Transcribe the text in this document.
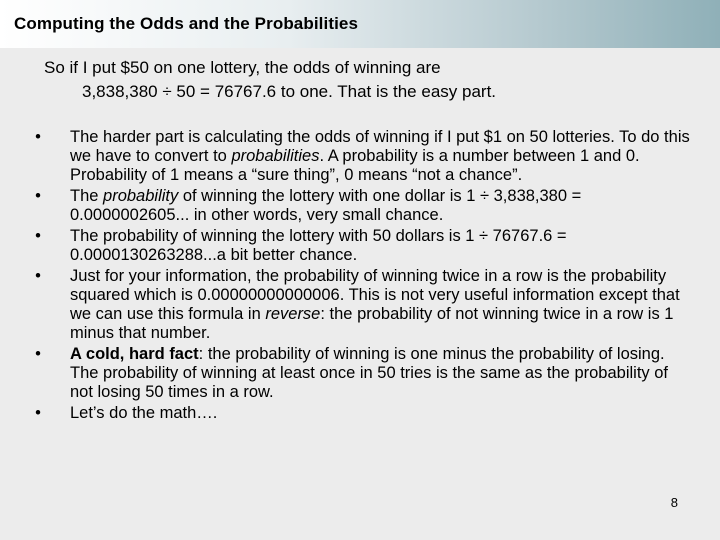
Computing the Odds and the Probabilities
So if I put $50 on one lottery, the odds of winning are
3,838,380 ÷ 50 = 76767.6 to one. That is the easy part.
•	The harder part is calculating the odds of winning if I put $1 on 50 lotteries. To do this we have to convert to probabilities. A probability is a number between 1 and 0. Probability of 1 means a “sure thing”, 0 means “not a chance”.
•	The probability of winning the lottery with one dollar is 1 ÷ 3,838,380 = 0.0000002605... in other words, very small chance.
•	The probability of winning the lottery with 50 dollars is 1 ÷ 76767.6 = 0.0000130263288...a bit better chance.
•	Just for your information, the probability of winning twice in a row is the probability squared which is 0.00000000000006. This is not very useful information except that we can use this formula in reverse: the probability of not winning twice in a row is 1 minus that number.
•	A cold, hard fact: the probability of winning is one minus the probability of losing. The probability of winning at least once in 50 tries is the same as the probability of not losing 50 times in a row.
•	Let’s do the math….
8
